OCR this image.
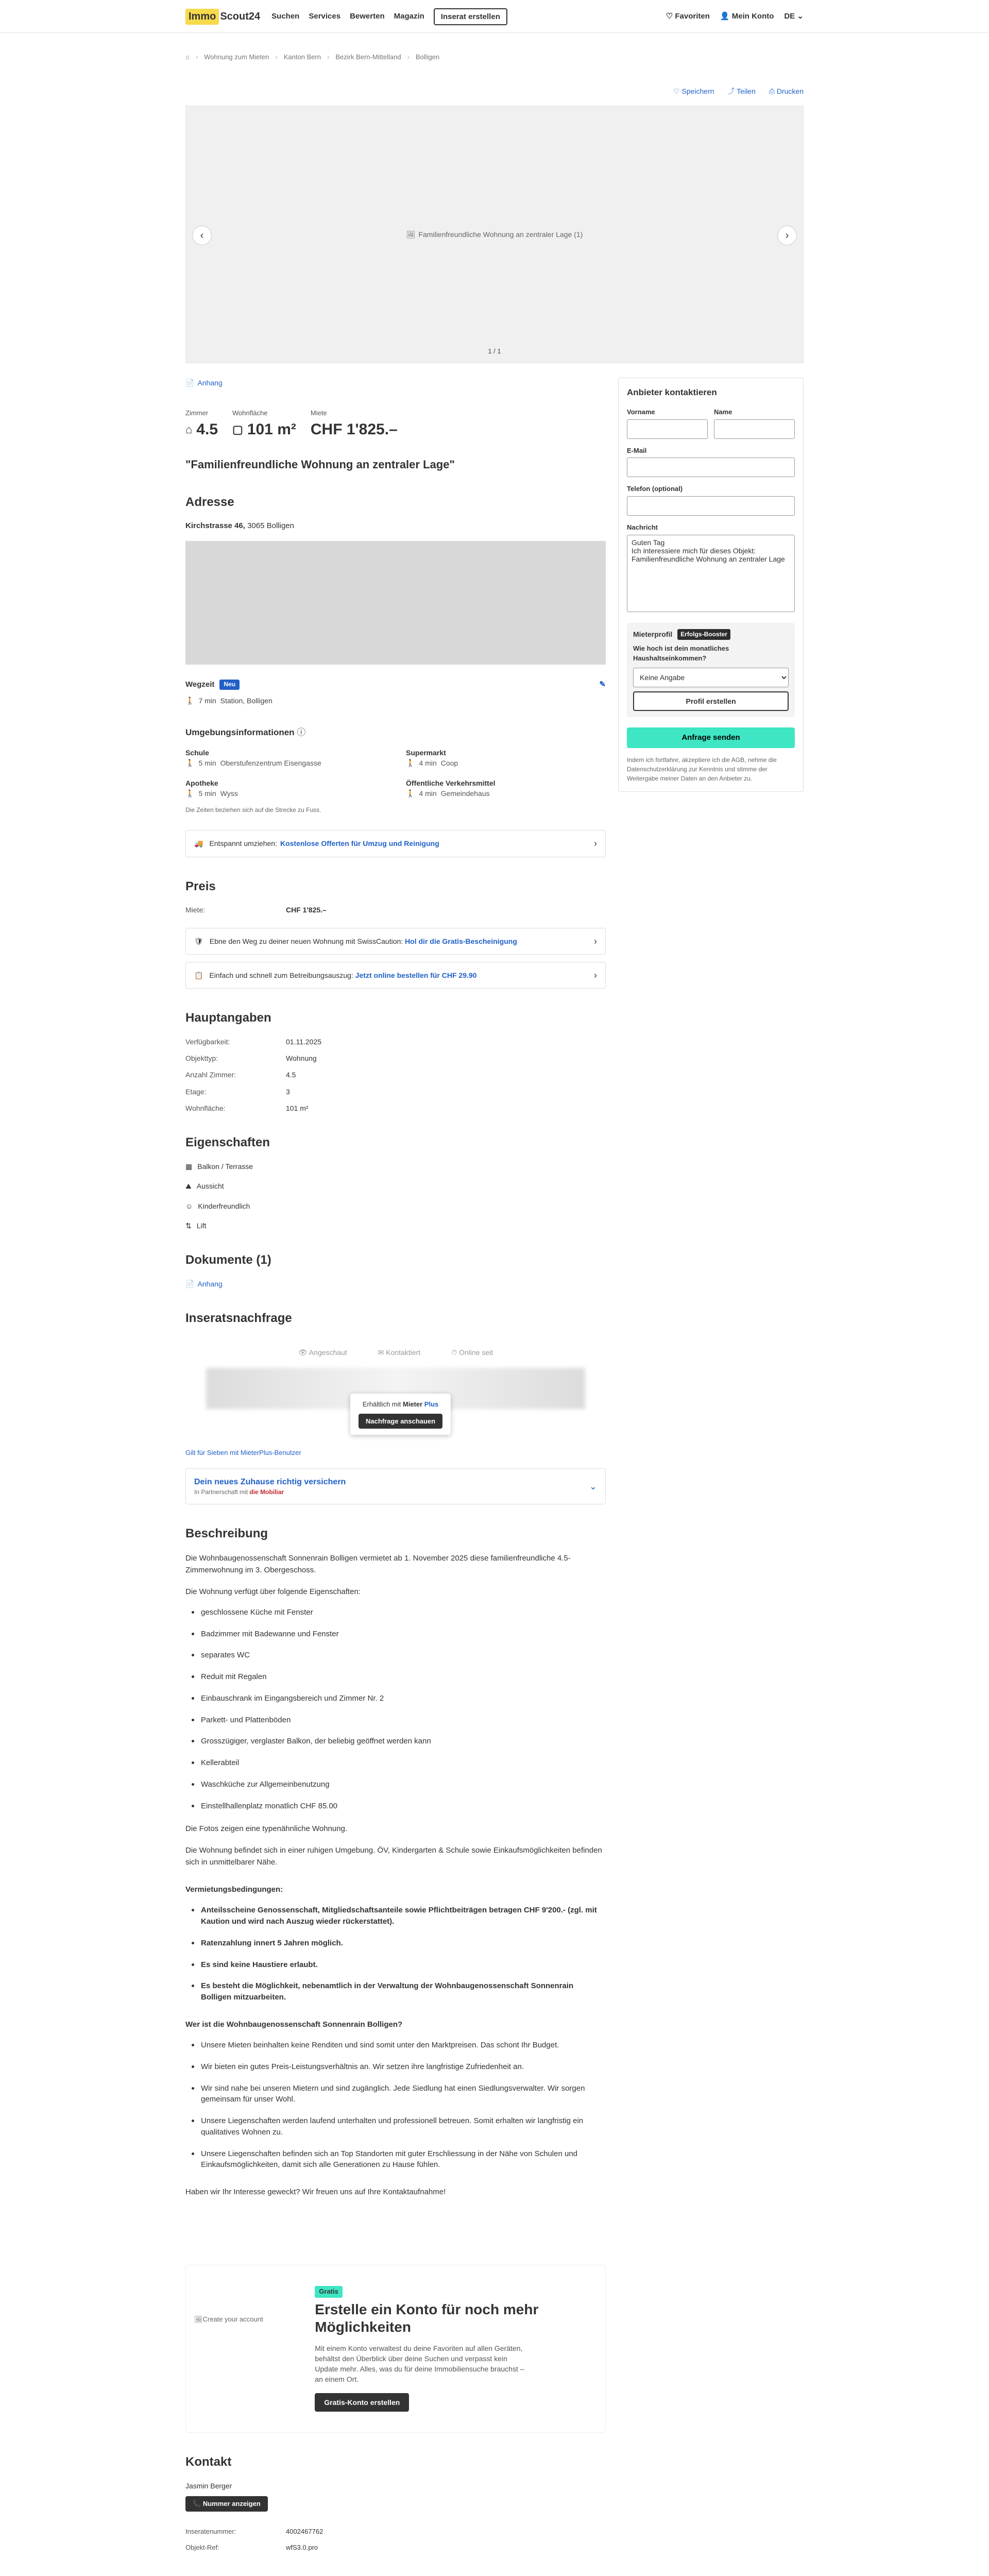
Immo Scout24 Suchen Services Bewerten Magazin	Inserat erstellen	♡ Favoriten 👤 Mein Konto DE ⌄
⌂ › Wohnung zum Mieten › Kanton Bern › Bezirk Bern-Mittelland › Bolligen
♡ Speichern ⤴ Teilen ⎙ Drucken
‹	🖼 Familienfreundliche Wohnung an zentraler Lage (1)	›
1 / 1
📄 Anhang
Zimmer
⌂ 4.5
Wohnfläche
▢ 101 m²
Miete
CHF 1'825.–
"Familienfreundliche Wohnung an zentraler Lage"
Adresse
Kirchstrasse 46, 3065 Bolligen
Wegzeit	Neu	✎
🚶 7 min Station, Bolligen
Umgebungsinformationen ⓘ
Schule
🚶 5 min Oberstufenzentrum Eisengasse
Supermarkt
🚶 4 min Coop
Apotheke
🚶 5 min Wyss
Öffentliche Verkehrsmittel
🚶 4 min Gemeindehaus
Die Zeiten beziehen sich auf die Strecke zu Fuss.
🚚 Entspannt umziehen: Kostenlose Offerten für Umzug und Reinigung	›
Preis
Miete:	CHF 1'825.–
🛡 Ebne den Weg zu deiner neuen Wohnung mit SwissCaution: Hol dir die Gratis-Bescheinigung	›
📋 Einfach und schnell zum Betreibungsauszug: Jetzt online bestellen für CHF 29.90	›
Hauptangaben
Verfügbarkeit:	01.11.2025
Objekttyp:	Wohnung
Anzahl Zimmer:	4.5
Etage:	3
Wohnfläche:	101 m²
Eigenschaften
▦ Balkon / Terrasse
⛰ Aussicht
☺ Kinderfreundlich
⇅ Lift
Dokumente (1)
📄 Anhang
Inseratsnachfrage
👁 Angeschaut	✉ Kontaktiert	⏱ Online seit
Erhältlich mit Mieter Plus
Nachfrage anschauen
Gilt für Sieben mit MieterPlus-Benutzer
Dein neues Zuhause richtig versichern
In Partnerschaft mit die Mobiliar
⌄
Beschreibung

Die Wohnbaugenossenschaft Sonnenrain Bolligen vermietet ab 1. November 2025 diese familienfreundliche 4.5-Zimmerwohnung im 3. Obergeschoss.

Die Wohnung verfügt über folgende Eigenschaften:

geschlossene Küche mit Fenster
Badzimmer mit Badewanne und Fenster
separates WC
Reduit mit Regalen
Einbauschrank im Eingangsbereich und Zimmer Nr. 2
Parkett- und Plattenböden
Grosszügiger, verglaster Balkon, der beliebig geöffnet werden kann
Kellerabteil
Waschküche zur Allgemeinbenutzung
Einstellhallenplatz monatlich CHF 85.00

Die Fotos zeigen eine typenähnliche Wohnung.

Die Wohnung befindet sich in einer ruhigen Umgebung. ÖV, Kindergarten & Schule sowie Einkaufsmöglichkeiten befinden sich in unmittelbarer Nähe.

Vermietungsbedingungen:

Anteilsscheine Genossenschaft, Mitgliedschaftsanteile sowie Pflichtbeiträgen betragen CHF 9'200.- (zgl. mit Kaution und wird nach Auszug wieder rückerstattet).
Ratenzahlung innert 5 Jahren möglich.
Es sind keine Haustiere erlaubt.
Es besteht die Möglichkeit, nebenamtlich in der Verwaltung der Wohnbaugenossenschaft Sonnenrain Bolligen mitzuarbeiten.

Wer ist die Wohnbaugenossenschaft Sonnenrain Bolligen?

Unsere Mieten beinhalten keine Renditen und sind somit unter den Marktpreisen. Das schont Ihr Budget.
Wir bieten ein gutes Preis-Leistungsverhältnis an. Wir setzen ihre langfristige Zufriedenheit an.
Wir sind nahe bei unseren Mietern und sind zugänglich. Jede Siedlung hat einen Siedlungsverwalter. Wir sorgen gemeinsam für unser Wohl.
Unsere Liegenschaften werden laufend unterhalten und professionell betreuen. Somit erhalten wir langfristig ein qualitatives Wohnen zu.
Unsere Liegenschaften befinden sich an Top Standorten mit guter Erschliessung in der Nähe von Schulen und Einkaufsmöglichkeiten, damit sich alle Generationen zu Hause fühlen.

Haben wir Ihr Interesse geweckt? Wir freuen uns auf Ihre Kontaktaufnahme!

🖼 Create your account
Gratis
Erstelle ein Konto für noch mehr Möglichkeiten

Mit einem Konto verwaltest du deine Favoriten auf allen Geräten, behältst den Überblick über deine Suchen und verpasst kein Update mehr. Alles, was du für deine Immobiliensuche brauchst – an einem Ort.

Gratis-Konto erstellen
Kontakt
Jasmin Berger
📞 Nummer anzeigen
Inseratenummer:	4002467762
Objekt-Ref:	wfS3.0.pro
Anbieter kontaktieren
Vorname	Name
E-Mail
Telefon (optional)
Nachricht
Guten Tag Ich interessiere mich für dieses Objekt: Familienfreundliche Wohnung an zentraler Lage
Mieterprofil	Erfolgs-Booster

Wie hoch ist dein monatliches Haushaltseinkommen?

Keine Angabe
Profil erstellen
Anfrage senden
Indem ich fortfahre, akzeptiere ich die AGB, nehme die Datenschutzerklärung zur Kenntnis und stimme der Weitergabe meiner Daten an den Anbieter zu.
